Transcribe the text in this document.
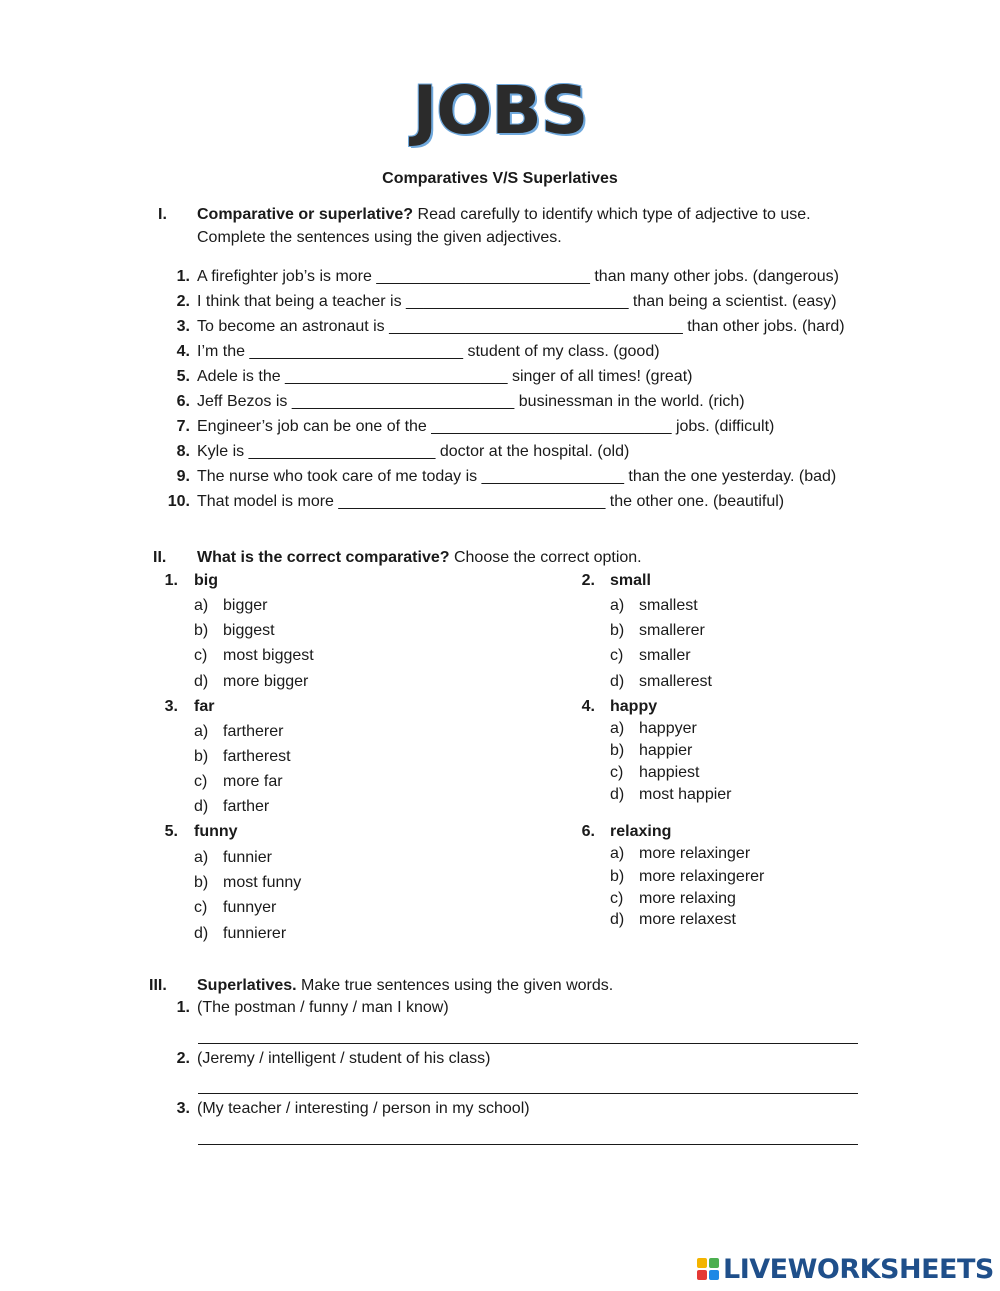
JOBS
Comparatives V/S Superlatives
I. Comparative or superlative? Read carefully to identify which type of adjective to use.
Complete the sentences using the given adjectives.
1. A firefighter job’s is more ________________________ than many other jobs. (dangerous)
2. I think that being a teacher is _________________________ than being a scientist. (easy)
3. To become an astronaut is _________________________________ than other jobs. (hard)
4. I’m the ________________________ student of my class. (good)
5. Adele is the _________________________ singer of all times! (great)
6. Jeff Bezos is _________________________ businessman in the world. (rich)
7. Engineer’s job can be one of the ___________________________ jobs. (difficult)
8. Kyle is _____________________ doctor at the hospital. (old)
9. The nurse who took care of me today is ________________ than the one yesterday. (bad)
10. That model is more ______________________________ the other one. (beautiful)
II. What is the correct comparative? Choose the correct option.
1. big
a) bigger
b) biggest
c) most biggest
d) more bigger
2. small
a) smallest
b) smallerer
c) smaller
d) smallerest
3. far
a) fartherer
b) fartherest
c) more far
d) farther
4. happy
a) happyer
b) happier
c) happiest
d) most happier
5. funny
a) funnier
b) most funny
c) funnyer
d) funnierer
6. relaxing
a) more relaxinger
b) more relaxingerer
c) more relaxing
d) more relaxest
III. Superlatives. Make true sentences using the given words.
1. (The postman / funny / man I know)
2. (Jeremy / intelligent / student of his class)
3. (My teacher / interesting / person in my school)
LIVEWORKSHEETS
